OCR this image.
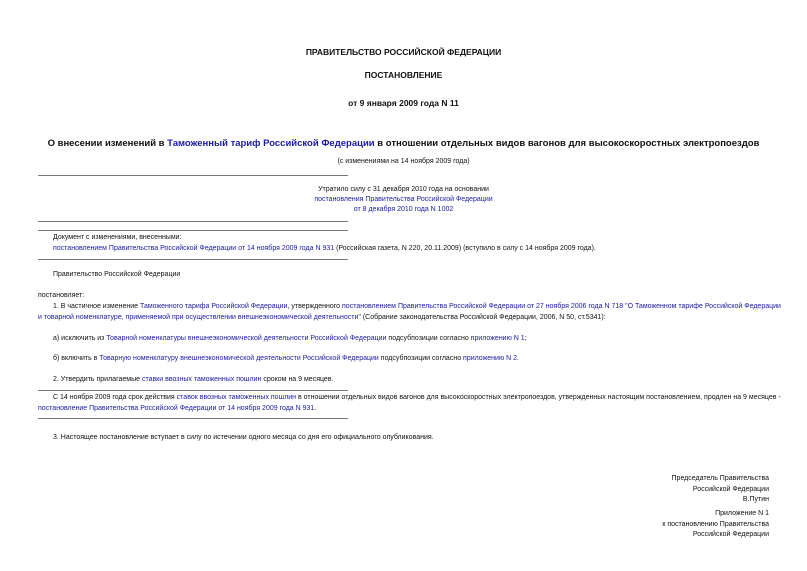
ПРАВИТЕЛЬСТВО РОССИЙСКОЙ ФЕДЕРАЦИИ
ПОСТАНОВЛЕНИЕ
от 9 января 2009 года N 11
О внесении изменений в Таможенный тариф Российской Федерации в отношении отдельных видов вагонов для высокоскоростных электропоездов
(с изменениями на 14 ноября 2009 года)
Утратило силу с 31 декабря 2010 года на основании
постановления Правительства Российской Федерации
от 8 декабря 2010 года N 1002
Документ с изменениями, внесенными:
постановлением Правительства Российской Федерации от 14 ноября 2009 года N 931 (Российская газета, N 220, 20.11.2009) (вступило в силу с 14 ноября 2009 года).
Правительство Российской Федерации
постановляет:
1. В частичное изменение Таможенного тарифа Российской Федерации, утвержденного постановлением Правительства Российской Федерации от 27 ноября 2006 года N 718 "О Таможенном тарифе Российской Федерации и товарной номенклатуре, применяемой при осуществлении внешнеэкономической деятельности" (Собрание законодательства Российской Федерации, 2006, N 50, ст.5341):
а) исключить из Товарной номенклатуры внешнеэкономической деятельности Российской Федерации подсубпозиции согласно приложению N 1;
б) включить в Товарную номенклатуру внешнеэкономической деятельности Российской Федерации подсубпозиции согласно приложению N 2.
2. Утвердить прилагаемые ставки ввозных таможенных пошлин сроком на 9 месяцев.
С 14 ноября 2009 года срок действия ставок ввозных таможенных пошлин в отношении отдельных видов вагонов для высокоскоростных электропоездов, утвержденных настоящим постановлением, продлен на 9 месяцев - постановление Правительства Российской Федерации от 14 ноября 2009 года N 931.
3. Настоящее постановление вступает в силу по истечении одного месяца со дня его официального опубликования.
Председатель Правительства
Российской Федерации
В.Путин
Приложение N 1
к постановлению Правительства
Российской Федерации
